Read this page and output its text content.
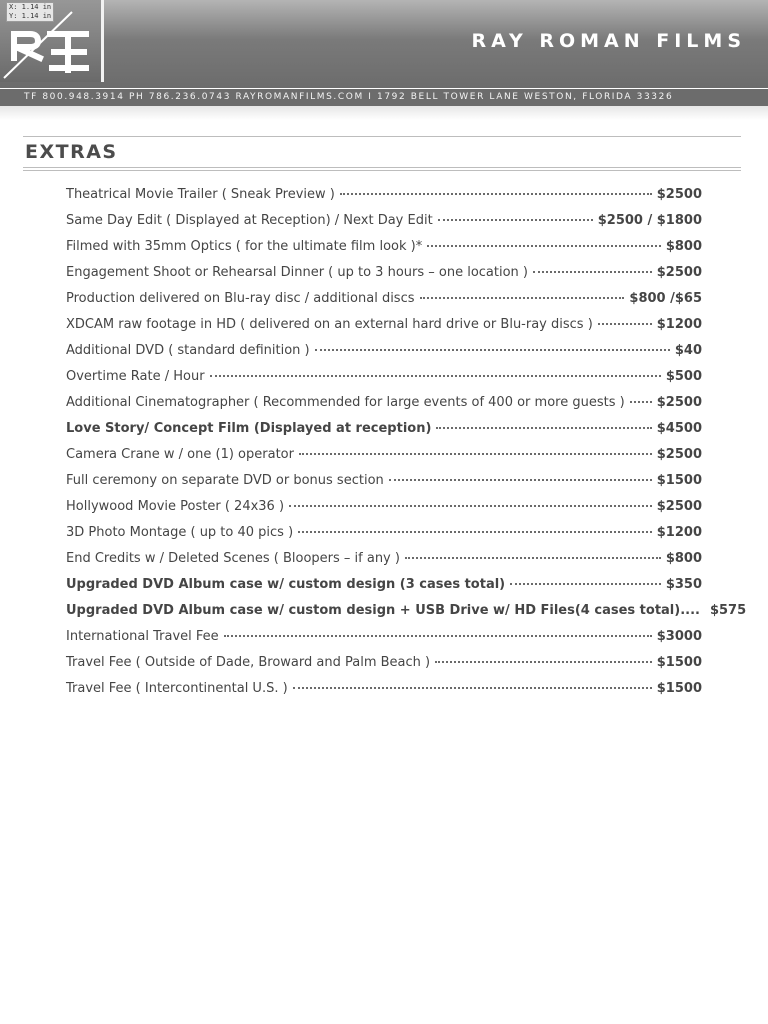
X: 1.14 in
Y: 1.14 in
RAY ROMAN FILMS
TF 800.948.3914 PH 786.236.0743 RAYROMANFILMS.COM I 1792 BELL TOWER LANE WESTON, FLORIDA 33326
EXTRAS
Theatrical Movie Trailer ( Sneak Preview )	$2500
Same Day Edit ( Displayed at Reception) / Next Day Edit	$2500 / $1800
Filmed with 35mm Optics ( for the ultimate film look )*	$800
Engagement Shoot or Rehearsal Dinner ( up to 3 hours – one location )	$2500
Production delivered on Blu-ray disc / additional discs	$800 /$65
XDCAM raw footage in HD ( delivered on an external hard drive or Blu-ray discs )	$1200
Additional DVD ( standard definition )	$40
Overtime Rate / Hour	$500
Additional Cinematographer ( Recommended for large events of 400 or more guests ) $2500
Love Story/ Concept Film (Displayed at reception)	$4500
Camera Crane w / one (1) operator	$2500
Full ceremony on separate DVD or bonus section	$1500
Hollywood Movie Poster ( 24x36 )	$2500
3D Photo Montage ( up to 40 pics )	$1200
End Credits w / Deleted Scenes ( Bloopers – if any )	$800
Upgraded DVD Album case w/ custom design (3 cases total)	$350
Upgraded DVD Album case w/ custom design + USB Drive w/ HD Files(4 cases total).... $575
International Travel Fee	$3000
Travel Fee ( Outside of Dade, Broward and Palm Beach )	$1500
Travel Fee ( Intercontinental U.S. )	$1500
